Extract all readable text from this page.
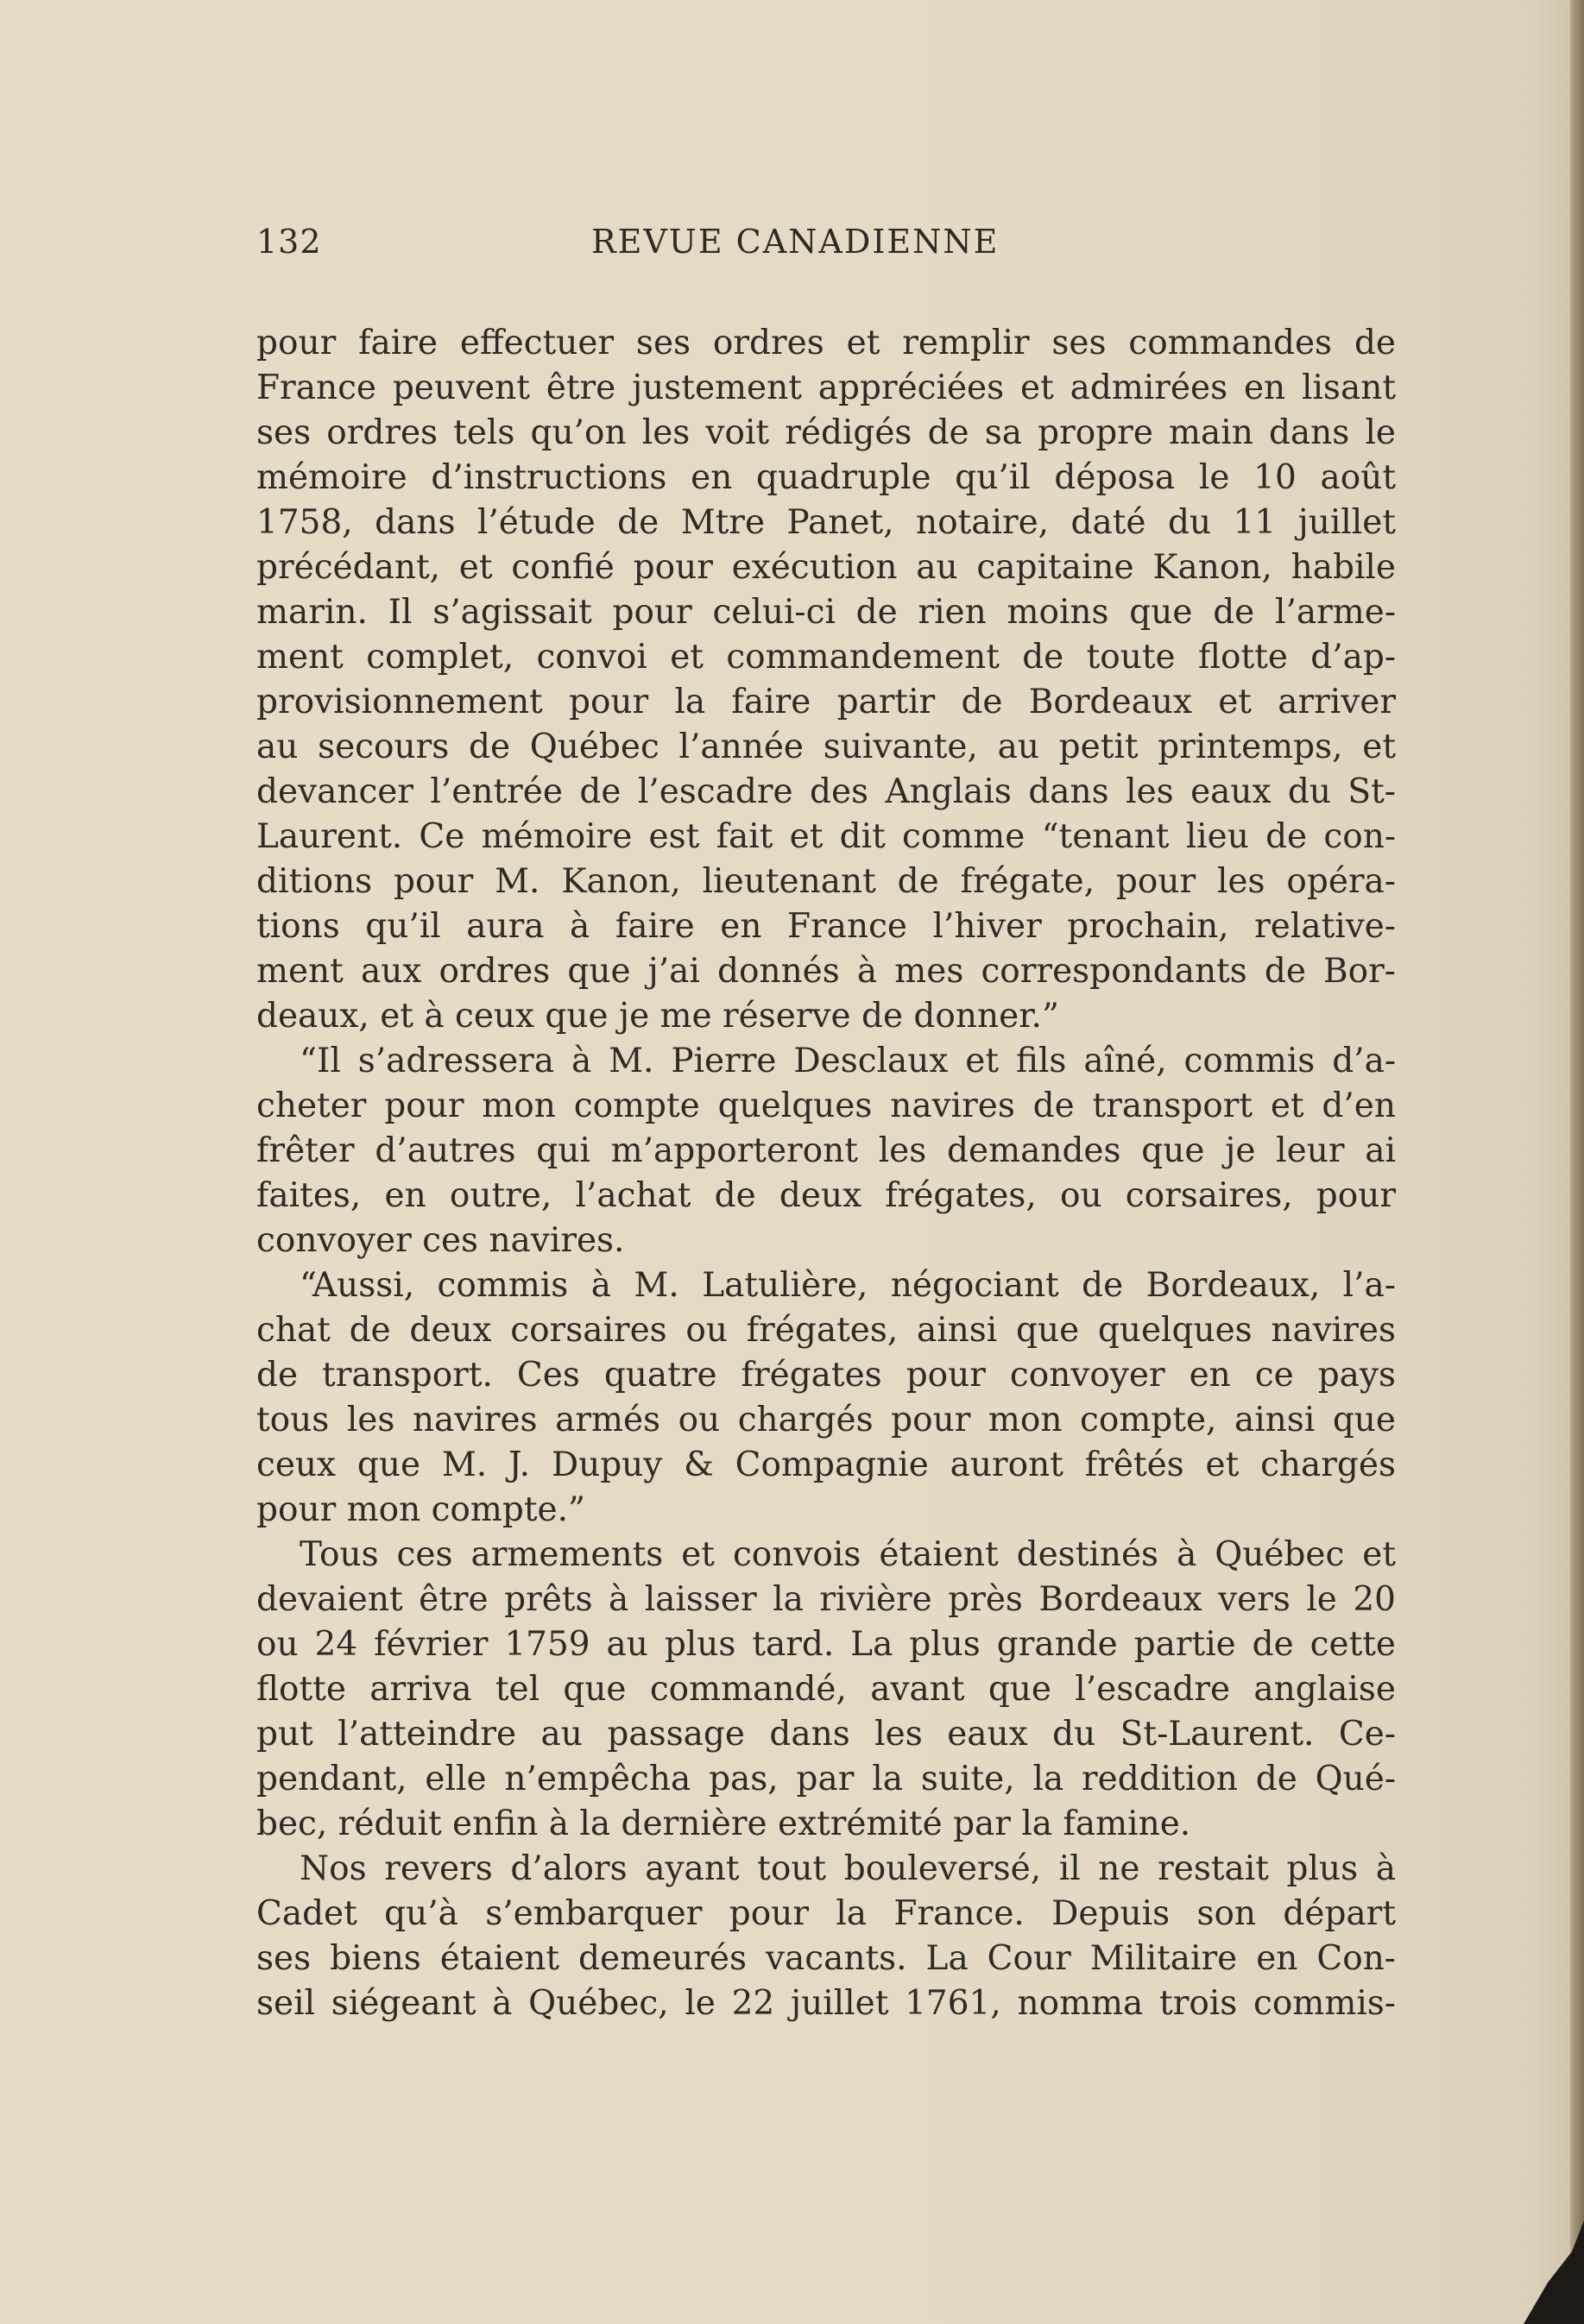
132	REVUE CANADIENNE
pour faire effectuer ses ordres et remplir ses commandes de
France peuvent être justement appréciées et admirées en lisant
ses ordres tels qu’on les voit rédigés de sa propre main dans le
mémoire d’instructions en quadruple qu’il déposa le 10 août
1758, dans l’étude de Mtre Panet, notaire, daté du 11 juillet
précédant, et confié pour exécution au capitaine Kanon, habile
marin. Il s’agissait pour celui-ci de rien moins que de l’arme-
ment complet, convoi et commandement de toute flotte d’ap-
provisionnement pour la faire partir de Bordeaux et arriver
au secours de Québec l’année suivante, au petit printemps, et
devancer l’entrée de l’escadre des Anglais dans les eaux du St-
Laurent. Ce mémoire est fait et dit comme “tenant lieu de con-
ditions pour M. Kanon, lieutenant de frégate, pour les opéra-
tions qu’il aura à faire en France l’hiver prochain, relative-
ment aux ordres que j’ai donnés à mes correspondants de Bor-
deaux, et à ceux que je me réserve de donner.”
“Il s’adressera à M. Pierre Desclaux et fils aîné, commis d’a-
cheter pour mon compte quelques navires de transport et d’en
frêter d’autres qui m’apporteront les demandes que je leur ai
faites, en outre, l’achat de deux frégates, ou corsaires, pour
convoyer ces navires.
“Aussi, commis à M. Latulière, négociant de Bordeaux, l’a-
chat de deux corsaires ou frégates, ainsi que quelques navires
de transport. Ces quatre frégates pour convoyer en ce pays
tous les navires armés ou chargés pour mon compte, ainsi que
ceux que M. J. Dupuy & Compagnie auront frêtés et chargés
pour mon compte.”
Tous ces armements et convois étaient destinés à Québec et
devaient être prêts à laisser la rivière près Bordeaux vers le 20
ou 24 février 1759 au plus tard. La plus grande partie de cette
flotte arriva tel que commandé, avant que l’escadre anglaise
put l’atteindre au passage dans les eaux du St-Laurent. Ce-
pendant, elle n’empêcha pas, par la suite, la reddition de Qué-
bec, réduit enfin à la dernière extrémité par la famine.
Nos revers d’alors ayant tout bouleversé, il ne restait plus à
Cadet qu’à s’embarquer pour la France. Depuis son départ
ses biens étaient demeurés vacants. La Cour Militaire en Con-
seil siégeant à Québec, le 22 juillet 1761, nomma trois commis-
